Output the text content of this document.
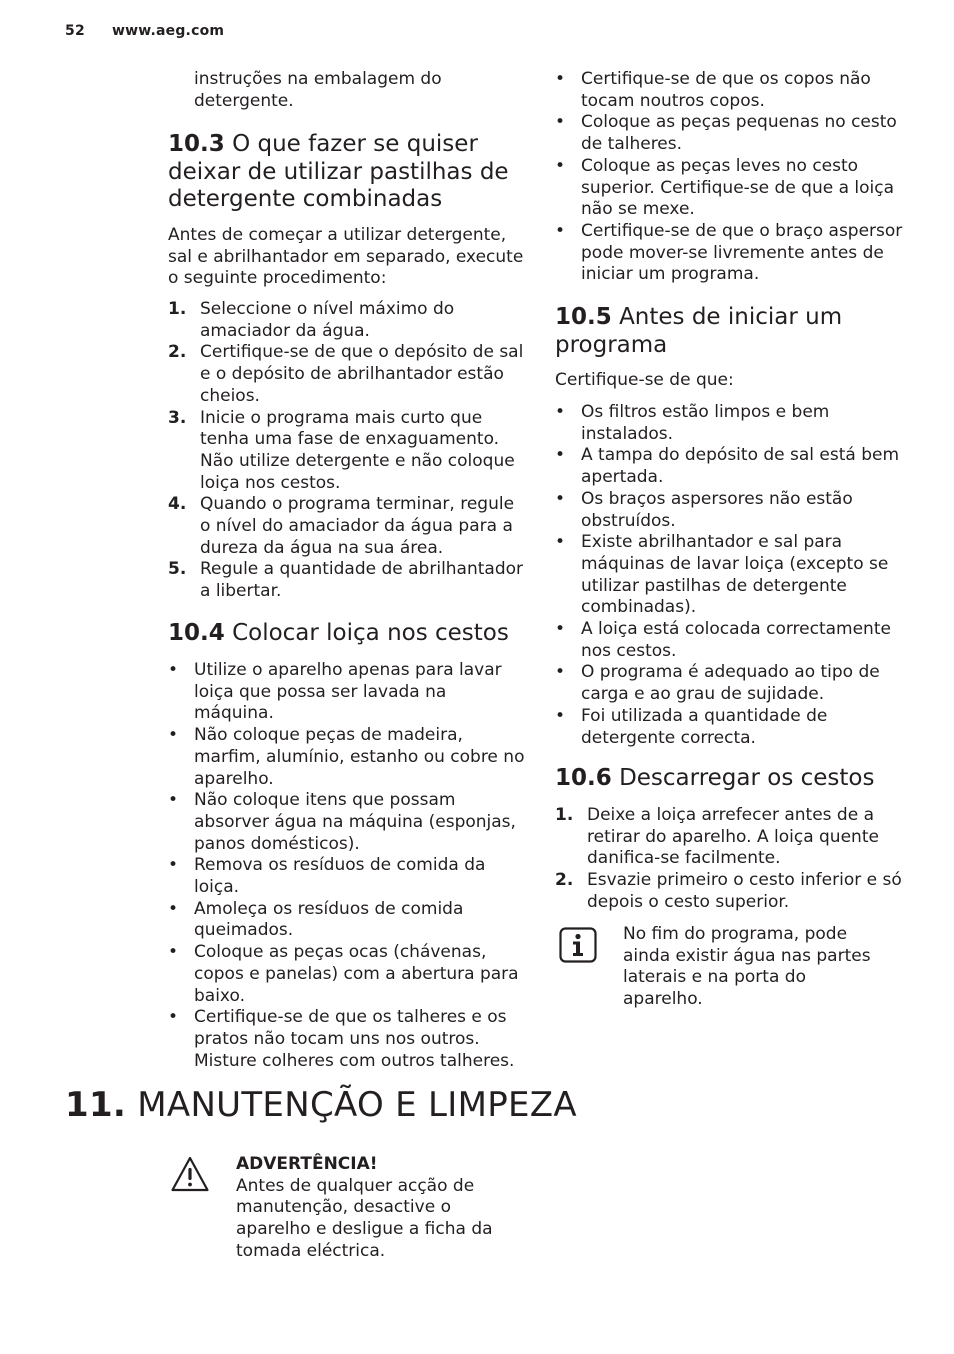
52 www.aeg.com
instruções na embalagem do detergente.
10.3 O que fazer se quiser deixar de utilizar pastilhas de detergente combinadas
Antes de começar a utilizar detergente, sal e abrilhantador em separado, execute o seguinte procedimento:
1. Seleccione o nível máximo do amaciador da água.
2. Certifique-se de que o depósito de sal e o depósito de abrilhantador estão cheios.
3. Inicie o programa mais curto que tenha uma fase de enxaguamento. Não utilize detergente e não coloque loiça nos cestos.
4. Quando o programa terminar, regule o nível do amaciador da água para a dureza da água na sua área.
5. Regule a quantidade de abrilhantador a libertar.
10.4 Colocar loiça nos cestos
• Utilize o aparelho apenas para lavar loiça que possa ser lavada na máquina.
• Não coloque peças de madeira, marfim, alumínio, estanho ou cobre no aparelho.
• Não coloque itens que possam absorver água na máquina (esponjas, panos domésticos).
• Remova os resíduos de comida da loiça.
• Amoleça os resíduos de comida queimados.
• Coloque as peças ocas (chávenas, copos e panelas) com a abertura para baixo.
• Certifique-se de que os talheres e os pratos não tocam uns nos outros. Misture colheres com outros talheres.
• Certifique-se de que os copos não tocam noutros copos.
• Coloque as peças pequenas no cesto de talheres.
• Coloque as peças leves no cesto superior. Certifique-se de que a loiça não se mexe.
• Certifique-se de que o braço aspersor pode mover-se livremente antes de iniciar um programa.
10.5 Antes de iniciar um programa
Certifique-se de que:
• Os filtros estão limpos e bem instalados.
• A tampa do depósito de sal está bem apertada.
• Os braços aspersores não estão obstruídos.
• Existe abrilhantador e sal para máquinas de lavar loiça (excepto se utilizar pastilhas de detergente combinadas).
• A loiça está colocada correctamente nos cestos.
• O programa é adequado ao tipo de carga e ao grau de sujidade.
• Foi utilizada a quantidade de detergente correcta.
10.6 Descarregar os cestos
1. Deixe a loiça arrefecer antes de a retirar do aparelho. A loiça quente danifica-se facilmente.
2. Esvazie primeiro o cesto inferior e só depois o cesto superior.
No fim do programa, pode ainda existir água nas partes laterais e na porta do aparelho.
11. MANUTENÇÃO E LIMPEZA
ADVERTÊNCIA!
Antes de qualquer acção de manutenção, desactive o aparelho e desligue a ficha da tomada eléctrica.
